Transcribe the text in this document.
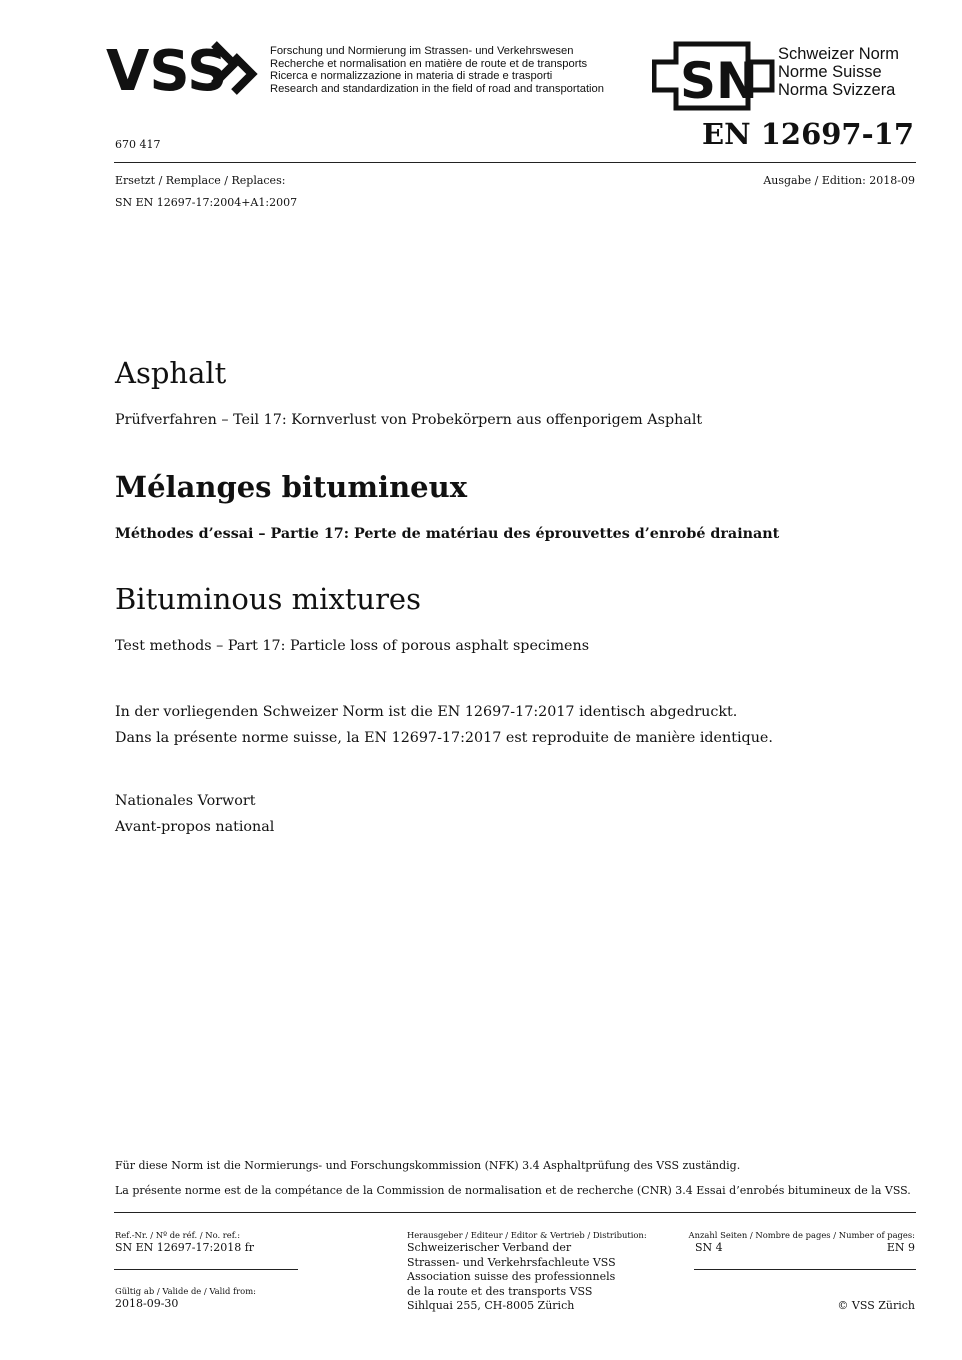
VSS	Forschung und Normierung im Strassen- und Verkehrswesen
Recherche et normalisation en matière de route et de transports
Ricerca e normalizzazione in materia di strade e trasporti
Research and standardization in the field of road and transportation	SN Schweizer Norm
Norme Suisse
Norma Svizzera
670 417	EN 12697-17
Ersetzt / Remplace / Replaces:
SN EN 12697-17:2004+A1:2007
Ausgabe / Edition: 2018-09
Asphalt
Prüfverfahren – Teil 17: Kornverlust von Probekörpern aus offenporigem Asphalt
Mélanges bitumineux
Méthodes d’essai – Partie 17: Perte de matériau des éprouvettes d’enrobé drainant
Bituminous mixtures
Test methods – Part 17: Particle loss of porous asphalt specimens
In der vorliegenden Schweizer Norm ist die EN 12697-17:2017 identisch abgedruckt.
Dans la présente norme suisse, la EN 12697-17:2017 est reproduite de manière identique.
Nationales Vorwort
Avant-propos national
Für diese Norm ist die Normierungs- und Forschungskommission (NFK) 3.4 Asphaltprüfung des VSS zuständig.
La présente norme est de la compétance de la Commission de normalisation et de recherche (CNR) 3.4 Essai d’enrobés bitumineux de la VSS.
Ref.-Nr. / Nº de réf. / No. ref.:
SN EN 12697-17:2018 fr
Gültig ab / Valide de / Valid from:
2018-09-30
Herausgeber / Editeur / Editor & Vertrieb / Distribution:
Schweizerischer Verband der
Strassen- und Verkehrsfachleute VSS
Association suisse des professionnels
de la route et des transports VSS
Sihlquai 255, CH-8005 Zürich
Anzahl Seiten / Nombre de pages / Number of pages:
SN 4	EN 9
© VSS Zürich
